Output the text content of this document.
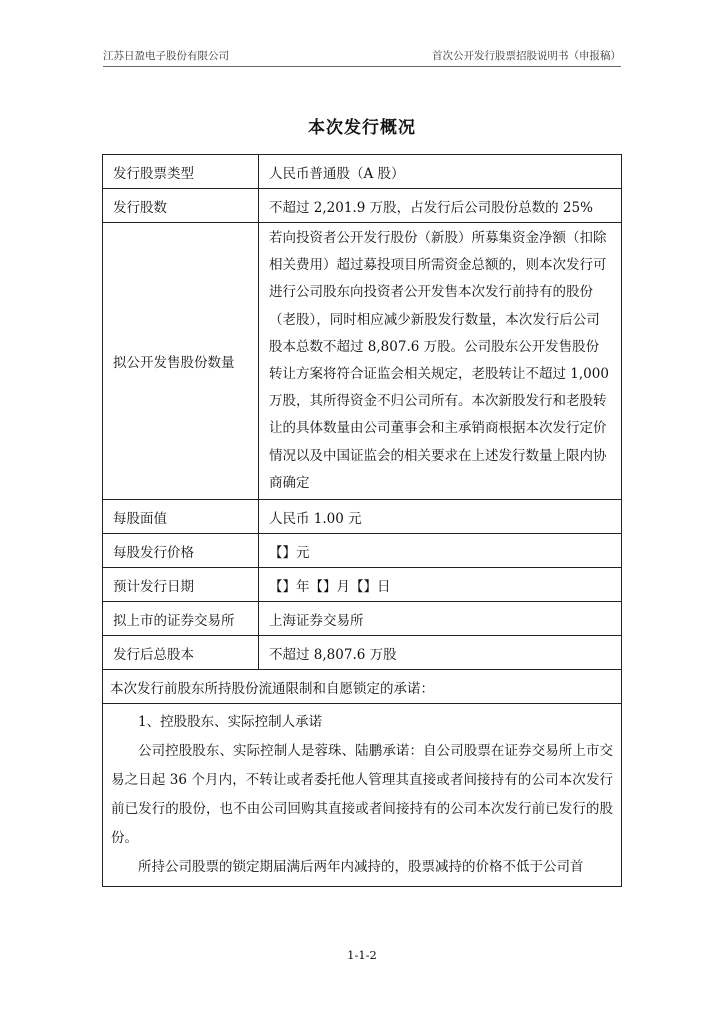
江苏日盈电子股份有限公司	首次公开发行股票招股说明书（申报稿）
本次发行概况
发行股票类型	人民币普通股（A 股）
发行股数	不超过 2,201.9 万股，占发行后公司股份总数的 25%
拟公开发售股份数量	若向投资者公开发行股份（新股）所募集资金净额（扣除相关费用）超过募投项目所需资金总额的，则本次发行可进行公司股东向投资者公开发售本次发行前持有的股份（老股），同时相应减少新股发行数量，本次发行后公司股本总数不超过 8,807.6 万股。公司股东公开发售股份转让方案将符合证监会相关规定，老股转让不超过 1,000 万股，其所得资金不归公司所有。本次新股发行和老股转让的具体数量由公司董事会和主承销商根据本次发行定价情况以及中国证监会的相关要求在上述发行数量上限内协商确定
每股面值	人民币 1.00 元
每股发行价格	【】元
预计发行日期	【】年【】月【】日
拟上市的证券交易所	上海证券交易所
发行后总股本	不超过 8,807.6 万股
本次发行前股东所持股份流通限制和自愿锁定的承诺：	

1、控股股东、实际控制人承诺

公司控股股东、实际控制人是蓉珠、陆鹏承诺：自公司股票在证券交易所上市交易之日起 36 个月内，不转让或者委托他人管理其直接或者间接持有的公司本次发行前已发行的股份，也不由公司回购其直接或者间接持有的公司本次发行前已发行的股份。

所持公司股票的锁定期届满后两年内减持的，股票减持的价格不低于公司首	

1-1-2
